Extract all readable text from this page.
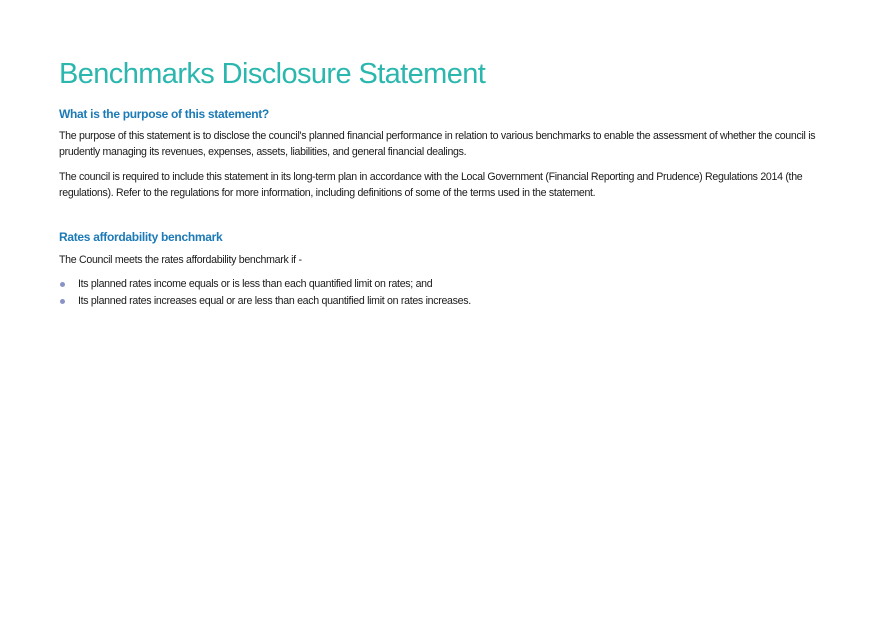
Benchmarks Disclosure Statement
What is the purpose of this statement?

The purpose of this statement is to disclose the council's planned financial performance in relation to various benchmarks to enable the assessment of whether the council is prudently managing its revenues, expenses, assets, liabilities, and general financial dealings.

The council is required to include this statement in its long-term plan in accordance with the Local Government (Financial Reporting and Prudence) Regulations 2014 (the regulations). Refer to the regulations for more information, including definitions of some of the terms used in the statement.

Rates affordability benchmark

The Council meets the rates affordability benchmark if -

Its planned rates income equals or is less than each quantified limit on rates; and
Its planned rates increases equal or are less than each quantified limit on rates increases.
